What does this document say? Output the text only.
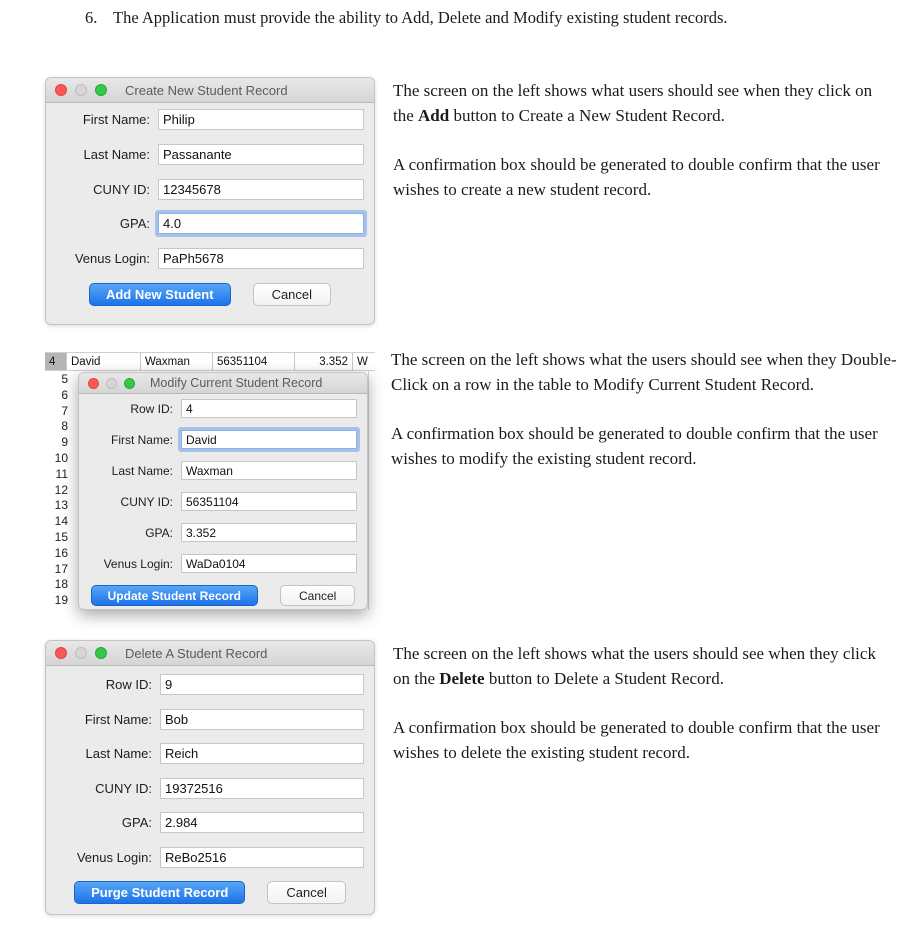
6. The Application must provide the ability to Add, Delete and Modify existing student records.
Create New Student Record
First Name:
Philip
Last Name:
Passanante
CUNY ID:
12345678
GPA:
4.0
Venus Login:
PaPh5678
Add New Student	Cancel

The screen on the left shows what users should see when they click on the Add button to Create a New Student Record.

A confirmation box should be generated to double confirm that the user wishes to create a new student record.

4	David	Waxman	56351104	3.352 W
5
6
7
8
9
10
11
12
13
14
15
16
17
18
19
Modify Current Student Record
Row ID:
4
First Name:
David
Last Name:
Waxman
CUNY ID:
56351104
GPA:
3.352
Venus Login:
WaDa0104
Update Student Record	Cancel

The screen on the left shows what the users should see when they Double-Click on a row in the table to Modify Current Student Record.

A confirmation box should be generated to double confirm that the user wishes to modify the existing student record.

Delete A Student Record
Row ID:
9
First Name:
Bob
Last Name:
Reich
CUNY ID:
19372516
GPA:
2.984
Venus Login:
ReBo2516
Purge Student Record	Cancel

The screen on the left shows what the users should see when they click on the Delete button to Delete a Student Record.

A confirmation box should be generated to double confirm that the user wishes to delete the existing student record.
